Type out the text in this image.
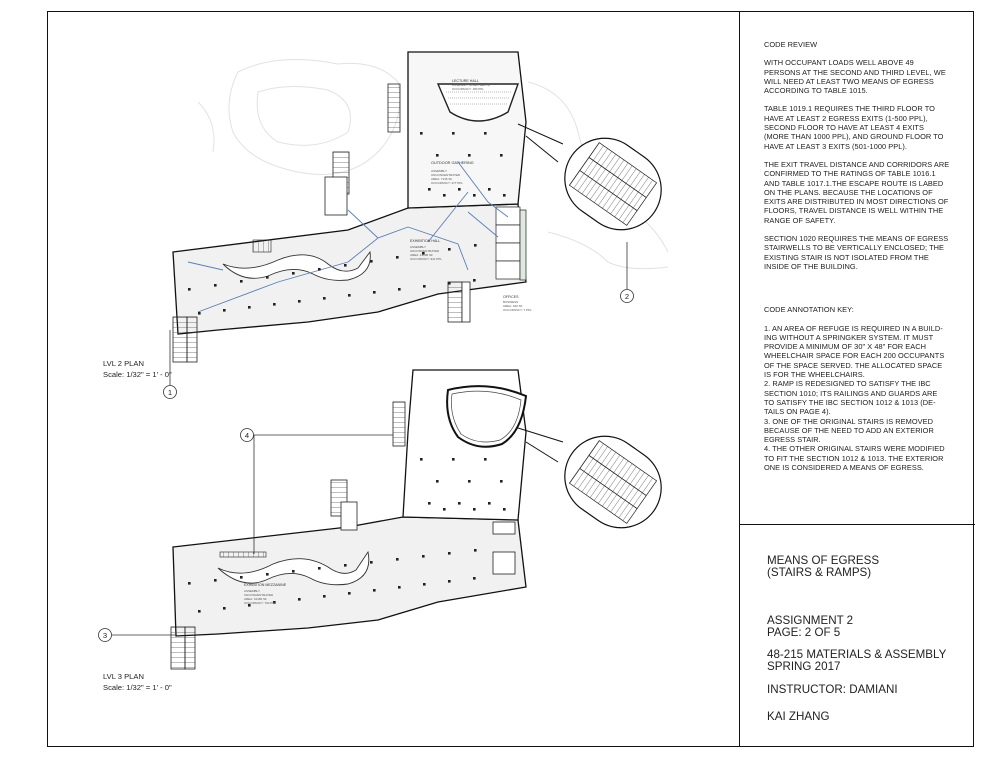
LECTURE HALL
ASSEMBLY (FIXED SEATS)
OCCUPANCY: 180 PPL
OUTDOOR GATHERING
ASSEMBLY
UNCONCENTRATED
AREA: 7146 SF
OCCUPANCY: 477 PPL
EXHIBITION HALL
ASSEMBLY
UNCONCENTRATED
AREA: 14096 SF
OCCUPANCY: 941 PPL
OFFICES
BUSINESS
AREA: 640 SF
OCCUPANCY: 7 PPL
LVL 2 PLAN
Scale: 1/32" = 1' - 0"
EXHIBITION MEZZANINE
ASSEMBLY
UNCONCENTRATED
AREA: 10466 SF
OCCUPANCY: 700 PPL
LVL 3 PLAN
Scale: 1/32" = 1' - 0"
1
2
3
4
CODE REVIEW
WITH OCCUPANT LOADS WELL ABOVE 49
PERSONS AT THE SECOND AND THIRD LEVEL, WE
WILL NEED AT LEAST TWO MEANS OF EGRESS
ACCORDING TO TABLE 1015.
TABLE 1019.1 REQUIRES THE THIRD FLOOR TO
HAVE AT LEAST 2 EGRESS EXITS (1-500 PPL),
SECOND FLOOR TO HAVE AT LEAST 4 EXITS
(MORE THAN 1000 PPL), AND GROUND FLOOR TO
HAVE AT LEAST 3 EXITS (501-1000 PPL).
THE EXIT TRAVEL DISTANCE AND CORRIDORS ARE
CONFIRMED TO THE RATINGS OF TABLE 1016.1
AND TABLE 1017.1.THE ESCAPE ROUTE IS LABED
ON THE PLANS. BECAUSE THE LOCATIONS OF
EXITS ARE DISTRIBUTED IN MOST DIRECTIONS OF
FLOORS, TRAVEL DISTANCE IS WELL WITHIN THE
RANGE OF SAFETY.
SECTION 1020 REQUIRES THE MEANS OF EGRESS
STAIRWELLS TO BE VERTICALLY ENCLOSED; THE
EXISTING STAIR IS NOT ISOLATED FROM THE
INSIDE OF THE BUILDING.
CODE ANNOTATION KEY:
1. AN AREA OF REFUGE IS REQUIRED IN A BUILD-
ING WITHOUT A SPRINGKER SYSTEM. IT MUST
PROVIDE A MINIMUM OF 30" X 48" FOR EACH
WHEELCHAIR SPACE FOR EACH 200 OCCUPANTS
OF THE SPACE SERVED. THE ALLOCATED SPACE
IS FOR THE WHEELCHAIRS.
2. RAMP IS REDESIGNED TO SATISFY THE IBC
SECTION 1010; ITS RAILINGS AND GUARDS ARE
TO SATISFY THE IBC SECTION 1012 & 1013 (DE-
TAILS ON PAGE 4).
3. ONE OF THE ORIGINAL STAIRS IS REMOVED
BECAUSE OF THE NEED TO ADD AN EXTERIOR
EGRESS STAIR.
4. THE OTHER ORIGINAL STAIRS WERE MODIFIED
TO FIT THE SECTION 1012 & 1013. THE EXTERIOR
ONE IS CONSIDERED A MEANS OF EGRESS.
MEANS OF EGRESS
(STAIRS & RAMPS)
ASSIGNMENT 2
PAGE: 2 OF 5
48-215 MATERIALS & ASSEMBLY
SPRING 2017
INSTRUCTOR: DAMIANI
KAI ZHANG
